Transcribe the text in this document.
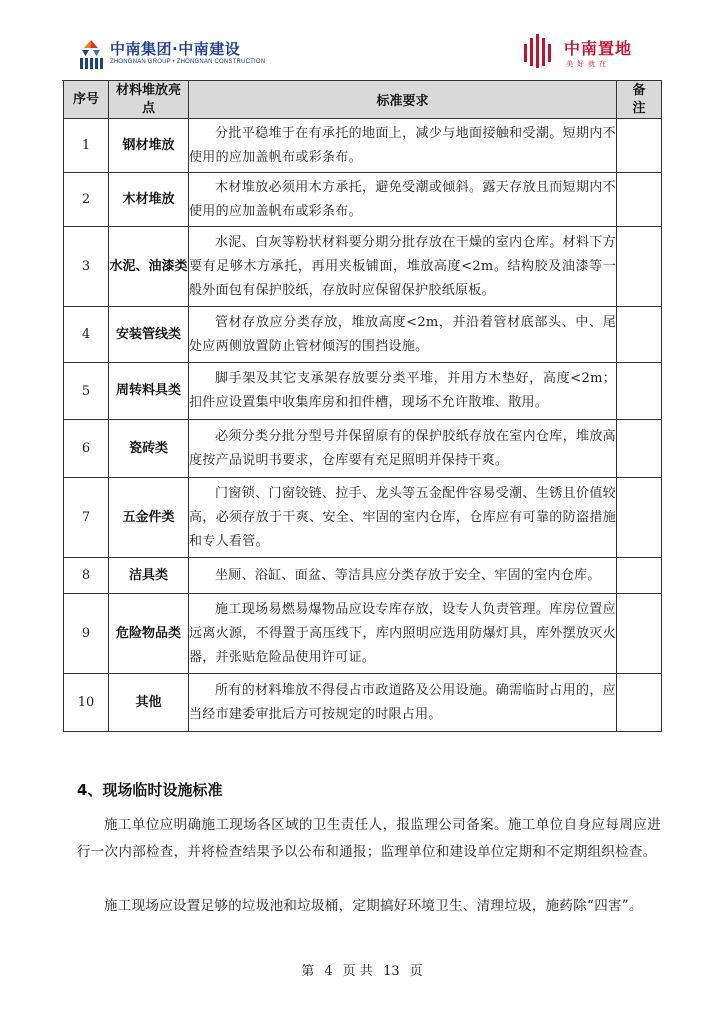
中南集团·中南建设
ZHONGNAN GROUP • ZHONGNAN CONSTRUCTION
中南置地
美好就在
序号	材料堆放亮点	标准要求	备注

1	钢材堆放	分批平稳堆于在有承托的地面上，减少与地面接触和受潮。短期内不使用的应加盖帆布或彩条布。	
2	木材堆放	木材堆放必须用木方承托，避免受潮或倾斜。露天存放且而短期内不使用的应加盖帆布或彩条布。	
3	水泥、油漆类	水泥、白灰等粉状材料要分期分批存放在干燥的室内仓库。材料下方要有足够木方承托，再用夹板铺面，堆放高度<2m。结构胶及油漆等一般外面包有保护胶纸，存放时应保留保护胶纸原板。	
4	安装管线类	管材存放应分类存放，堆放高度<2m，并沿着管材底部头、中、尾处应两侧放置防止管材倾泻的围挡设施。	
5	周转料具类	脚手架及其它支承架存放要分类平堆，并用方木垫好，高度<2m；扣件应设置集中收集库房和扣件槽，现场不允许散堆、散用。	
6	瓷砖类	必须分类分批分型号并保留原有的保护胶纸存放在室内仓库，堆放高度按产品说明书要求，仓库要有充足照明并保持干爽。	
7	五金件类	门窗锁、门窗铰链、拉手、龙头等五金配件容易受潮、生锈且价值较高，必须存放于干爽、安全、牢固的室内仓库，仓库应有可靠的防盗措施和专人看管。	
8	洁具类	坐厕、浴缸、面盆、等洁具应分类存放于安全、牢固的室内仓库。	
9	危险物品类	施工现场易燃易爆物品应设专库存放，设专人负责管理。库房位置应远离火源，不得置于高压线下，库内照明应选用防爆灯具，库外摆放灭火器，并张贴危险品使用许可证。	
10	其他	所有的材料堆放不得侵占市政道路及公用设施。确需临时占用的，应当经市建委审批后方可按规定的时限占用。	
4、现场临时设施标准
施工单位应明确施工现场各区域的卫生责任人，报监理公司备案。施工单位自身应每周应进行一次内部检查，并将检查结果予以公布和通报；监理单位和建设单位定期和不定期组织检查。
施工现场应设置足够的垃圾池和垃圾桶，定期搞好环境卫生、清理垃圾，施药除“四害”。
第 4 页 共 13 页
